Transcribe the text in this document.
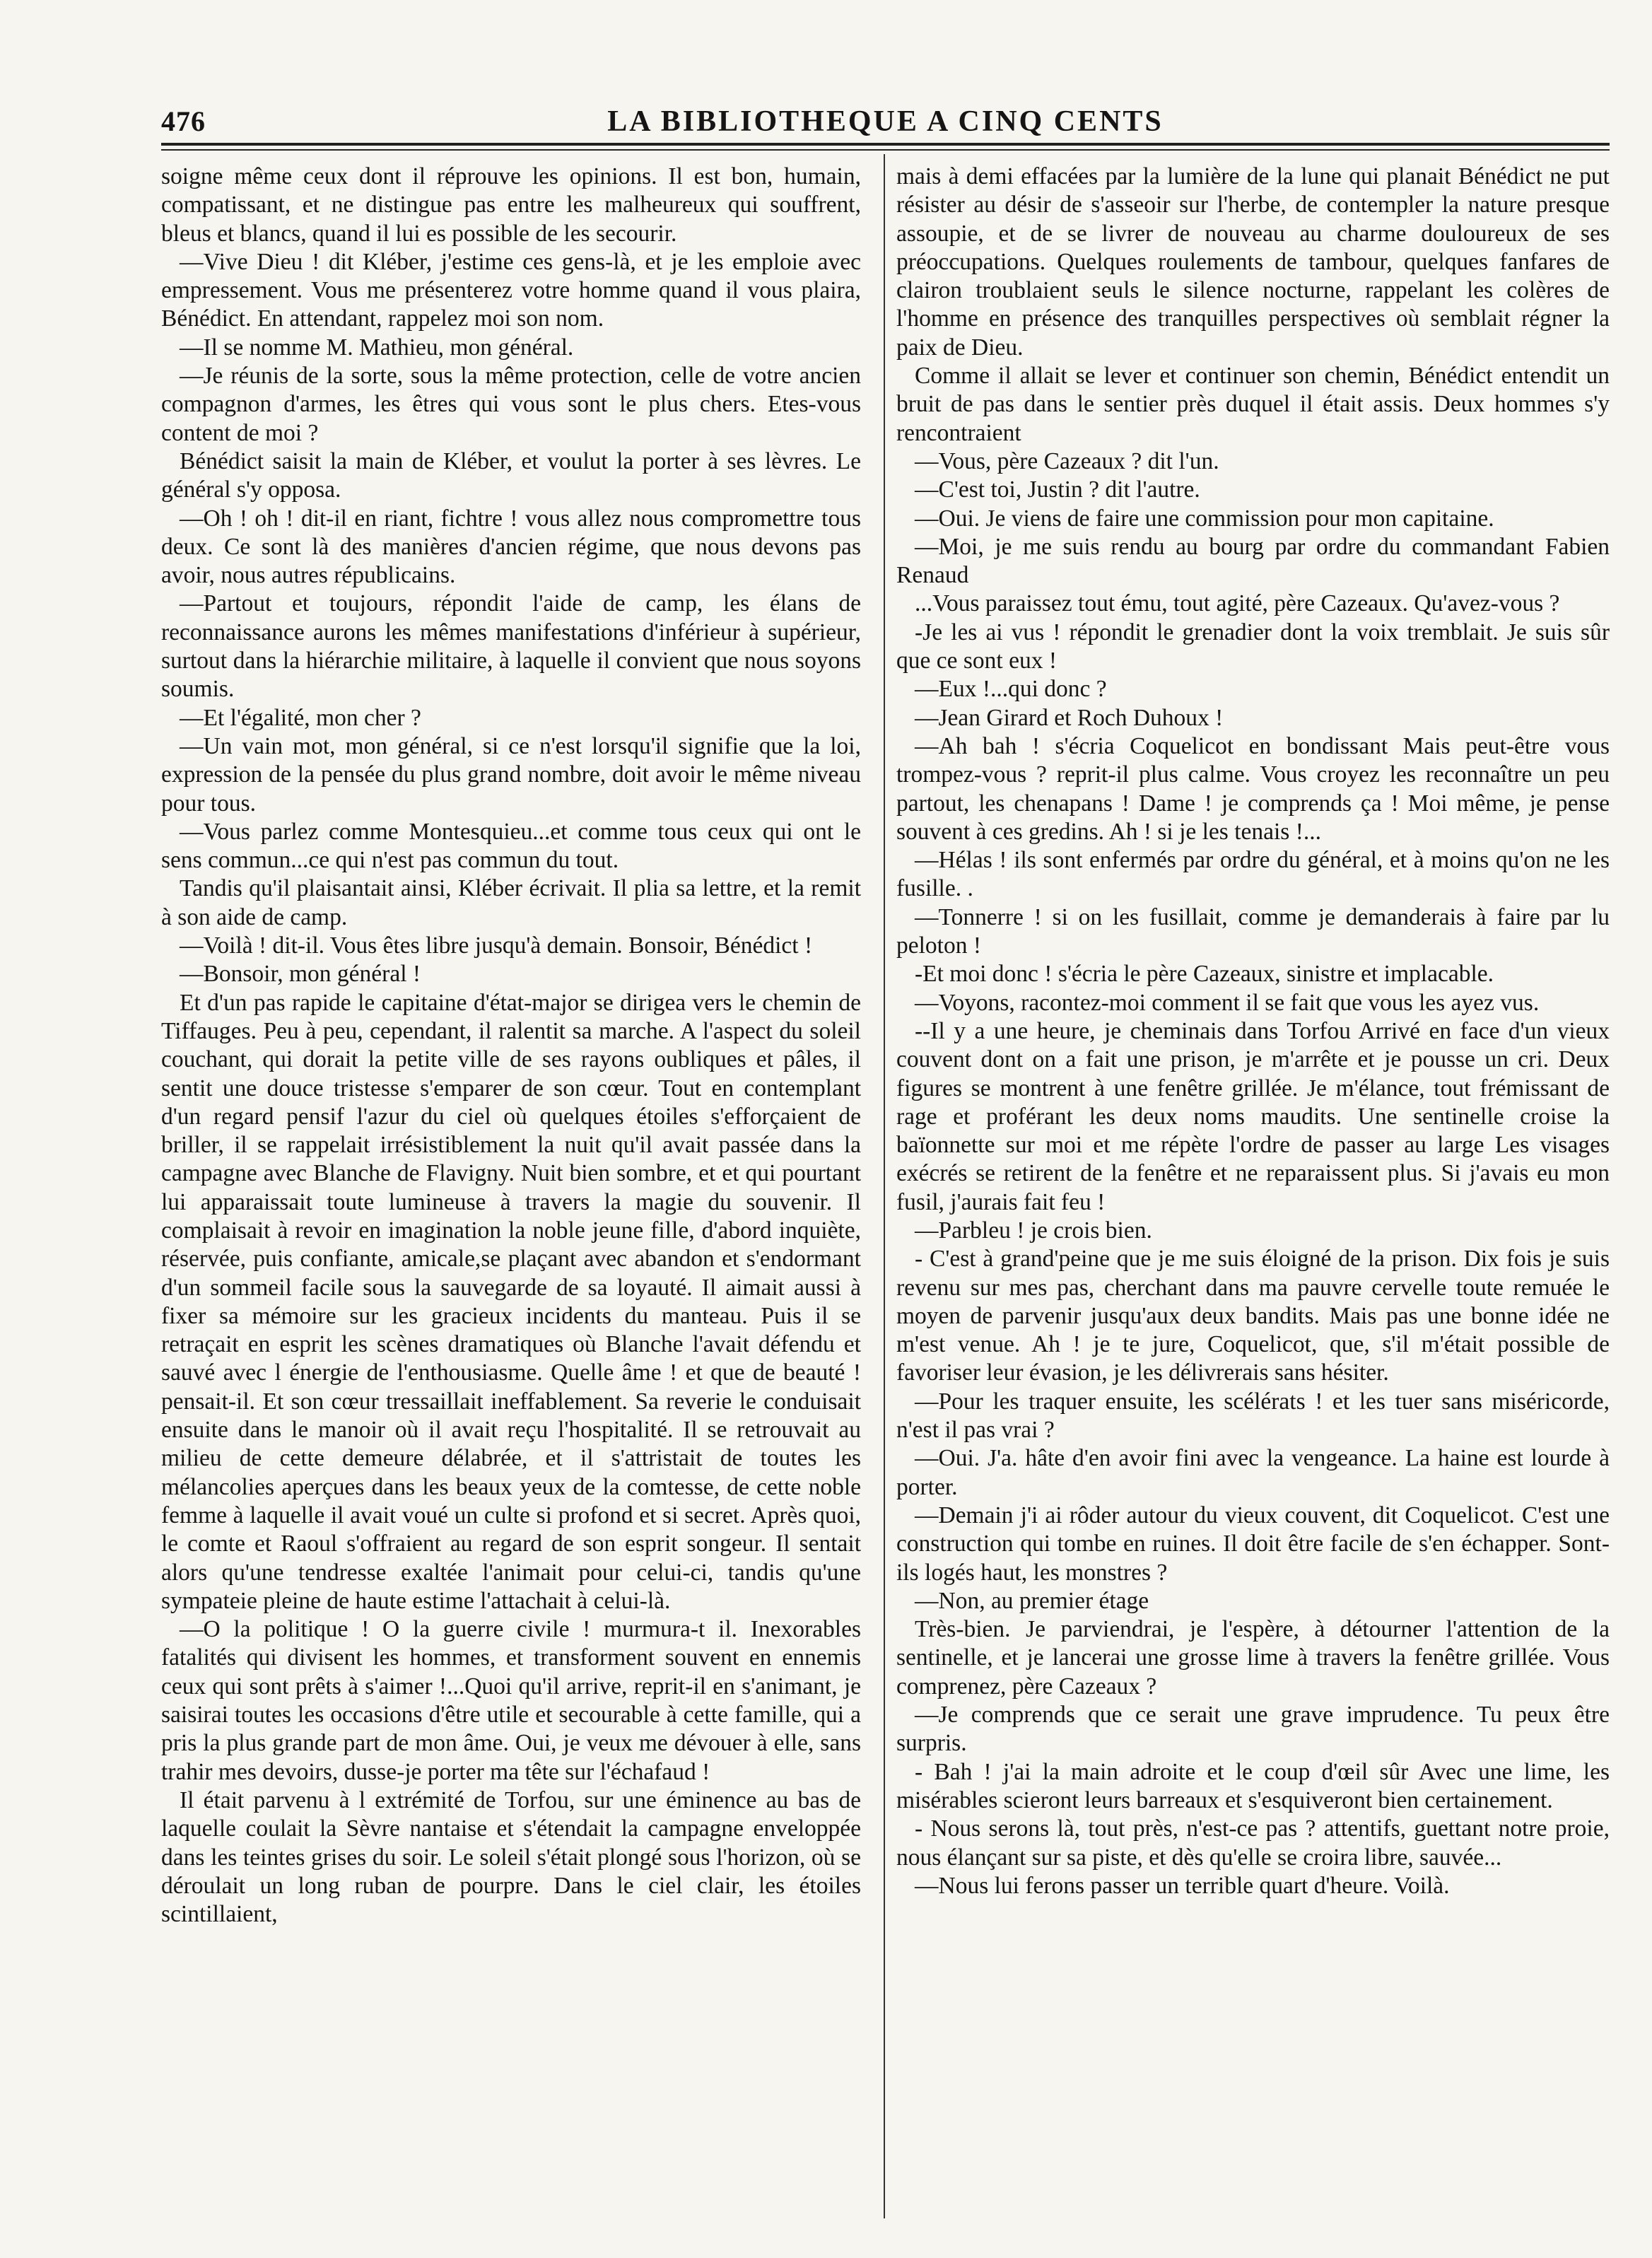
476	LA BIBLIOTHEQUE A CINQ CENTS

soigne même ceux dont il réprouve les opinions. Il est bon, humain, compatissant, et ne distingue pas entre les malheureux qui souffrent, bleus et blancs, quand il lui es possible de les secourir.

—Vive Dieu ! dit Kléber, j'estime ces gens-là, et je les emploie avec empressement. Vous me présenterez votre homme quand il vous plaira, Bénédict. En attendant, rappelez moi son nom.

—Il se nomme M. Mathieu, mon général.

—Je réunis de la sorte, sous la même protection, celle de votre ancien compagnon d'armes, les êtres qui vous sont le plus chers. Etes-vous content de moi ?

Bénédict saisit la main de Kléber, et voulut la porter à ses lèvres. Le général s'y opposa.

—Oh ! oh ! dit-il en riant, fichtre ! vous allez nous compromettre tous deux. Ce sont là des manières d'ancien régime, que nous devons pas avoir, nous autres républicains.

—Partout et toujours, répondit l'aide de camp, les élans de reconnaissance aurons les mêmes manifestations d'inférieur à supérieur, surtout dans la hiérarchie militaire, à laquelle il convient que nous soyons soumis.

—Et l'égalité, mon cher ?

—Un vain mot, mon général, si ce n'est lorsqu'il signifie que la loi, expression de la pensée du plus grand nombre, doit avoir le même niveau pour tous.

—Vous parlez comme Montesquieu...et comme tous ceux qui ont le sens commun...ce qui n'est pas commun du tout.

Tandis qu'il plaisantait ainsi, Kléber écrivait. Il plia sa lettre, et la remit à son aide de camp.

—Voilà ! dit-il. Vous êtes libre jusqu'à demain. Bonsoir, Bénédict !

—Bonsoir, mon général !

Et d'un pas rapide le capitaine d'état-major se dirigea vers le chemin de Tiffauges. Peu à peu, cependant, il ralentit sa marche. A l'aspect du soleil couchant, qui dorait la petite ville de ses rayons oubliques et pâles, il sentit une douce tristesse s'emparer de son cœur. Tout en contemplant d'un regard pensif l'azur du ciel où quelques étoiles s'efforçaient de briller, il se rappelait irrésistiblement la nuit qu'il avait passée dans la campagne avec Blanche de Flavigny. Nuit bien sombre, et et qui pourtant lui apparaissait toute lumineuse à travers la magie du souvenir. Il complaisait à revoir en imagination la noble jeune fille, d'abord inquiète, réservée, puis confiante, amicale,se plaçant avec abandon et s'endormant d'un sommeil facile sous la sauvegarde de sa loyauté. Il aimait aussi à fixer sa mémoire sur les gracieux incidents du manteau. Puis il se retraçait en esprit les scènes dramatiques où Blanche l'avait défendu et sauvé avec l énergie de l'enthousiasme. Quelle âme ! et que de beauté ! pensait-il. Et son cœur tressaillait ineffablement. Sa reverie le conduisait ensuite dans le manoir où il avait reçu l'hospitalité. Il se retrouvait au milieu de cette demeure délabrée, et il s'attristait de toutes les mélancolies aperçues dans les beaux yeux de la comtesse, de cette noble femme à laquelle il avait voué un culte si profond et si secret. Après quoi, le comte et Raoul s'offraient au regard de son esprit songeur. Il sentait alors qu'une tendresse exaltée l'animait pour celui-ci, tandis qu'une sympateie pleine de haute estime l'attachait à celui-là.

—O la politique ! O la guerre civile ! murmura-t il. Inexorables fatalités qui divisent les hommes, et transforment souvent en ennemis ceux qui sont prêts à s'aimer !...Quoi qu'il arrive, reprit-il en s'animant, je saisirai toutes les occasions d'être utile et secourable à cette famille, qui a pris la plus grande part de mon âme. Oui, je veux me dévouer à elle, sans trahir mes devoirs, dusse-je porter ma tête sur l'échafaud !

Il était parvenu à l extrémité de Torfou, sur une éminence au bas de laquelle coulait la Sèvre nantaise et s'étendait la campagne enveloppée dans les teintes grises du soir. Le soleil s'était plongé sous l'horizon, où se déroulait un long ruban de pourpre. Dans le ciel clair, les étoiles scintillaient,

mais à demi effacées par la lumière de la lune qui planait Bénédict ne put résister au désir de s'asseoir sur l'herbe, de contempler la nature presque assoupie, et de se livrer de nouveau au charme douloureux de ses préoccupations. Quelques roulements de tambour, quelques fanfares de clairon troublaient seuls le silence nocturne, rappelant les colères de l'homme en présence des tranquilles perspectives où semblait régner la paix de Dieu.

Comme il allait se lever et continuer son chemin, Bénédict entendit un bruit de pas dans le sentier près duquel il était assis. Deux hommes s'y rencontraient

—Vous, père Cazeaux ? dit l'un.

—C'est toi, Justin ? dit l'autre.

—Oui. Je viens de faire une commission pour mon capitaine.

—Moi, je me suis rendu au bourg par ordre du commandant Fabien Renaud

...Vous paraissez tout ému, tout agité, père Cazeaux. Qu'avez-vous ?

-Je les ai vus ! répondit le grenadier dont la voix tremblait. Je suis sûr que ce sont eux !

—Eux !...qui donc ?

—Jean Girard et Roch Duhoux !

—Ah bah ! s'écria Coquelicot en bondissant Mais peut-être vous trompez-vous ? reprit-il plus calme. Vous croyez les reconnaître un peu partout, les chenapans ! Dame ! je comprends ça ! Moi même, je pense souvent à ces gredins. Ah ! si je les tenais !...

—Hélas ! ils sont enfermés par ordre du général, et à moins qu'on ne les fusille. .

—Tonnerre ! si on les fusillait, comme je demanderais à faire par lu peloton !

-Et moi donc ! s'écria le père Cazeaux, sinistre et implacable.

—Voyons, racontez-moi comment il se fait que vous les ayez vus.

--Il y a une heure, je cheminais dans Torfou Arrivé en face d'un vieux couvent dont on a fait une prison, je m'arrête et je pousse un cri. Deux figures se montrent à une fenêtre grillée. Je m'élance, tout frémissant de rage et proférant les deux noms maudits. Une sentinelle croise la baïonnette sur moi et me répète l'ordre de passer au large Les visages exécrés se retirent de la fenêtre et ne reparaissent plus. Si j'avais eu mon fusil, j'aurais fait feu !

—Parbleu ! je crois bien.

- C'est à grand'peine que je me suis éloigné de la prison. Dix fois je suis revenu sur mes pas, cherchant dans ma pauvre cervelle toute remuée le moyen de parvenir jusqu'aux deux bandits. Mais pas une bonne idée ne m'est venue. Ah ! je te jure, Coquelicot, que, s'il m'était possible de favoriser leur évasion, je les délivrerais sans hésiter.

—Pour les traquer ensuite, les scélérats ! et les tuer sans miséricorde, n'est il pas vrai ?

—Oui. J'a. hâte d'en avoir fini avec la vengeance. La haine est lourde à porter.

—Demain j'i ai rôder autour du vieux couvent, dit Coquelicot. C'est une construction qui tombe en ruines. Il doit être facile de s'en échapper. Sont-ils logés haut, les monstres ?

—Non, au premier étage

Très-bien. Je parviendrai, je l'espère, à détourner l'attention de la sentinelle, et je lancerai une grosse lime à travers la fenêtre grillée. Vous comprenez, père Cazeaux ?

—Je comprends que ce serait une grave imprudence. Tu peux être surpris.

- Bah ! j'ai la main adroite et le coup d'œil sûr Avec une lime, les misérables scieront leurs barreaux et s'esquiveront bien certainement.

- Nous serons là, tout près, n'est-ce pas ? attentifs, guettant notre proie, nous élançant sur sa piste, et dès qu'elle se croira libre, sauvée...

—Nous lui ferons passer un terrible quart d'heure. Voilà.
